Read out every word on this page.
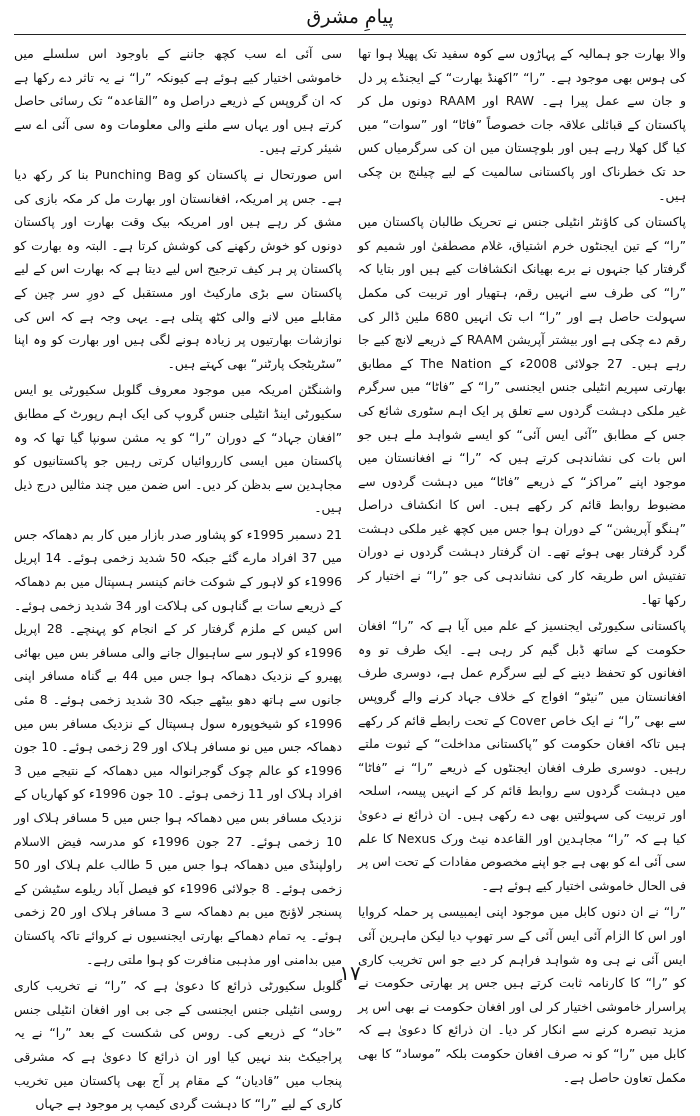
پیامِ مشرق

والا بھارت جو ہمالیہ کے پہاڑوں سے کوہ سفید تک پھیلا ہوا تھا کی ہوس بھی موجود ہے۔ ”را“ ”اکھنڈ بھارت“ کے ایجنڈے پر دل و جان سے عمل پیرا ہے۔ RAW اور RAAM دونوں مل کر پاکستان کے قبائلی علاقہ جات خصوصاً ”فاٹا“ اور ”سوات“ میں کیا گل کھلا رہے ہیں اور بلوچستان میں ان کی سرگرمیاں کس حد تک خطرناک اور پاکستانی سالمیت کے لیے چیلنج بن چکی ہیں۔

پاکستان کی کاؤنٹر انٹیلی جنس نے تحریک طالبان پاکستان میں ”را“ کے تین ایجنٹوں خرم اشتیاق، غلام مصطفیٰ اور شمیم کو گرفتار کیا جنہوں نے برے بھیانک انکشافات کیے ہیں اور بتایا کہ ”را“ کی طرف سے انہیں رقم، ہتھیار اور تربیت کی مکمل سہولت حاصل ہے اور ”را“ اب تک انہیں 680 ملین ڈالر کی رقم دے چکی ہے اور بیشتر آپریشن RAAM کے ذریعے لانچ کیے جا رہے ہیں۔ 27 جولائی 2008ء کے The Nation کے مطابق بھارتی سپریم انٹیلی جنس ایجنسی ”را“ کے ”فاٹا“ میں سرگرم غیر ملکی دہشت گردوں سے تعلق پر ایک اہم سٹوری شائع کی جس کے مطابق ”آئی ایس آئی“ کو ایسے شواہد ملے ہیں جو اس بات کی نشاندہی کرتے ہیں کہ ”را“ نے افغانستان میں موجود اپنے ”مراکز“ کے ذریعے ”فاٹا“ میں دہشت گردوں سے مضبوط روابط قائم کر رکھے ہیں۔ اس کا انکشاف دراصل ”ہنگو آپریشن“ کے دوران ہوا جس میں کچھ غیر ملکی دہشت گرد گرفتار بھی ہوئے تھے۔ ان گرفتار دہشت گردوں نے دوران تفتیش اس طریقہ کار کی نشاندہی کی جو ”را“ نے اختیار کر رکھا تھا۔

پاکستانی سکیورٹی ایجنسیز کے علم میں آیا ہے کہ ”را“ افغان حکومت کے ساتھ ڈبل گیم کر رہی ہے۔ ایک طرف تو وہ افغانوں کو تحفظ دینے کے لیے سرگرم عمل ہے، دوسری طرف افغانستان میں ”نیٹو“ افواج کے خلاف جہاد کرنے والے گروپس سے بھی ”را“ نے ایک خاص Cover کے تحت رابطے قائم کر رکھے ہیں تاکہ افغان حکومت کو ”پاکستانی مداخلت“ کے ثبوت ملتے رہیں۔ دوسری طرف افغان ایجنٹوں کے ذریعے ”را“ نے ”فاٹا“ میں دہشت گردوں سے روابط قائم کر کے انہیں پیسہ، اسلحہ اور تربیت کی سہولتیں بھی دے رکھی ہیں۔ ان ذرائع نے دعویٰ کیا ہے کہ ”را“ مجاہدین اور القاعدہ نیٹ ورک Nexus کا علم سی آئی اے کو بھی ہے جو اپنے مخصوص مفادات کے تحت اس پر فی الحال خاموشی اختیار کیے ہوئے ہے۔

”را“ نے ان دنوں کابل میں موجود اپنی ایمبیسی پر حملہ کروایا اور اس کا الزام آئی ایس آئی کے سر تھوپ دیا لیکن ماہرین آئی ایس آئی نے ہی وہ شواہد فراہم کر دیے جو اس تخریب کاری کو ”را“ کا کارنامہ ثابت کرتے ہیں جس پر بھارتی حکومت نے پراسرار خاموشی اختیار کر لی اور افغان حکومت نے بھی اس پر مزید تبصرہ کرنے سے انکار کر دیا۔ ان ذرائع کا دعویٰ ہے کہ کابل میں ”را“ کو نہ صرف افغان حکومت بلکہ ”موساد“ کا بھی مکمل تعاون حاصل ہے۔

سی آئی اے سب کچھ جاننے کے باوجود اس سلسلے میں خاموشی اختیار کیے ہوئے ہے کیونکہ ”را“ نے یہ تاثر دے رکھا ہے کہ ان گروپس کے ذریعے دراصل وہ ”القاعدہ“ تک رسائی حاصل کرتے ہیں اور یہاں سے ملنے والی معلومات وہ سی آئی اے سے شیئر کرتے ہیں۔

اس صورتحال نے پاکستان کو Punching Bag بنا کر رکھ دیا ہے۔ جس پر امریکہ، افغانستان اور بھارت مل کر مکہ بازی کی مشق کر رہے ہیں اور امریکہ بیک وقت بھارت اور پاکستان دونوں کو خوش رکھنے کی کوشش کرتا ہے۔ البتہ وہ بھارت کو پاکستان پر ہر کیف ترجیح اس لیے دیتا ہے کہ بھارت اس کے لیے پاکستان سے بڑی مارکیٹ اور مستقبل کے دورِ سر چین کے مقابلے میں لانے والی کٹھ پتلی ہے۔ یہی وجہ ہے کہ اس کی نوازشات بھارتیوں پر زیادہ ہونے لگی ہیں اور بھارت کو وہ اپنا ”سٹریٹجک پارٹنر“ بھی کہتے ہیں۔

واشنگٹن امریکہ میں موجود معروف گلوبل سکیورٹی یو ایس سکیورٹی اینڈ انٹیلی جنس گروپ کی ایک اہم رپورٹ کے مطابق ”افغان جہاد“ کے دوران ”را“ کو یہ مشن سونپا گیا تھا کہ وہ پاکستان میں ایسی کارروائیاں کرتی رہیں جو پاکستانیوں کو مجاہدین سے بدظن کر دیں۔ اس ضمن میں چند مثالیں درج ذیل ہیں۔

21 دسمبر 1995ء کو پشاور صدر بازار میں کار بم دھماکہ جس میں 37 افراد مارے گئے جبکہ 50 شدید زخمی ہوئے۔ 14 اپریل 1996ء کو لاہور کے شوکت خانم کینسر ہسپتال میں بم دھماکہ کے ذریعے سات بے گناہوں کی ہلاکت اور 34 شدید زخمی ہوئے۔ اس کیس کے ملزم گرفتار کر کے انجام کو پہنچے۔ 28 اپریل 1996ء کو لاہور سے ساہیوال جانے والی مسافر بس میں بھائی پھیرو کے نزدیک دھماکہ ہوا جس میں 44 بے گناہ مسافر اپنی جانوں سے ہاتھ دھو بیٹھے جبکہ 30 شدید زخمی ہوئے۔ 8 مئی 1996ء کو شیخوپورہ سول ہسپتال کے نزدیک مسافر بس میں دھماکہ جس میں نو مسافر ہلاک اور 29 زخمی ہوئے۔ 10 جون 1996ء کو عالم چوک گوجرانوالہ میں دھماکہ کے نتیجے میں 3 افراد ہلاک اور 11 زخمی ہوئے۔ 10 جون 1996ء کو کھاریاں کے نزدیک مسافر بس میں دھماکہ ہوا جس میں 5 مسافر ہلاک اور 10 زخمی ہوئے۔ 27 جون 1996ء کو مدرسہ فیض الاسلام راولپنڈی میں دھماکہ ہوا جس میں 5 طالب علم ہلاک اور 50 زخمی ہوئے۔ 8 جولائی 1996ء کو فیصل آباد ریلوے سٹیشن کے پسنجر لاؤنج میں بم دھماکہ سے 3 مسافر ہلاک اور 20 زخمی ہوئے۔ یہ تمام دھماکے بھارتی ایجنسیوں نے کروائے تاکہ پاکستان میں بدامنی اور مذہبی منافرت کو ہوا ملتی رہے۔

گلوبل سکیورٹی ذرائع کا دعویٰ ہے کہ ”را“ نے تخریب کاری روسی انٹیلی جنس ایجنسی کے جی بی اور افغان انٹیلی جنس ”خاد“ کے ذریعے کی۔ روس کی شکست کے بعد ”را“ نے یہ پراجیکٹ بند نہیں کیا اور ان ذرائع کا دعویٰ ہے کہ مشرقی پنجاب میں ”قادیان“ کے مقام پر آج بھی پاکستان میں تخریب کاری کے لیے ”را“ کا دہشت گردی کیمپ پر موجود ہے جہاں

۱۷
